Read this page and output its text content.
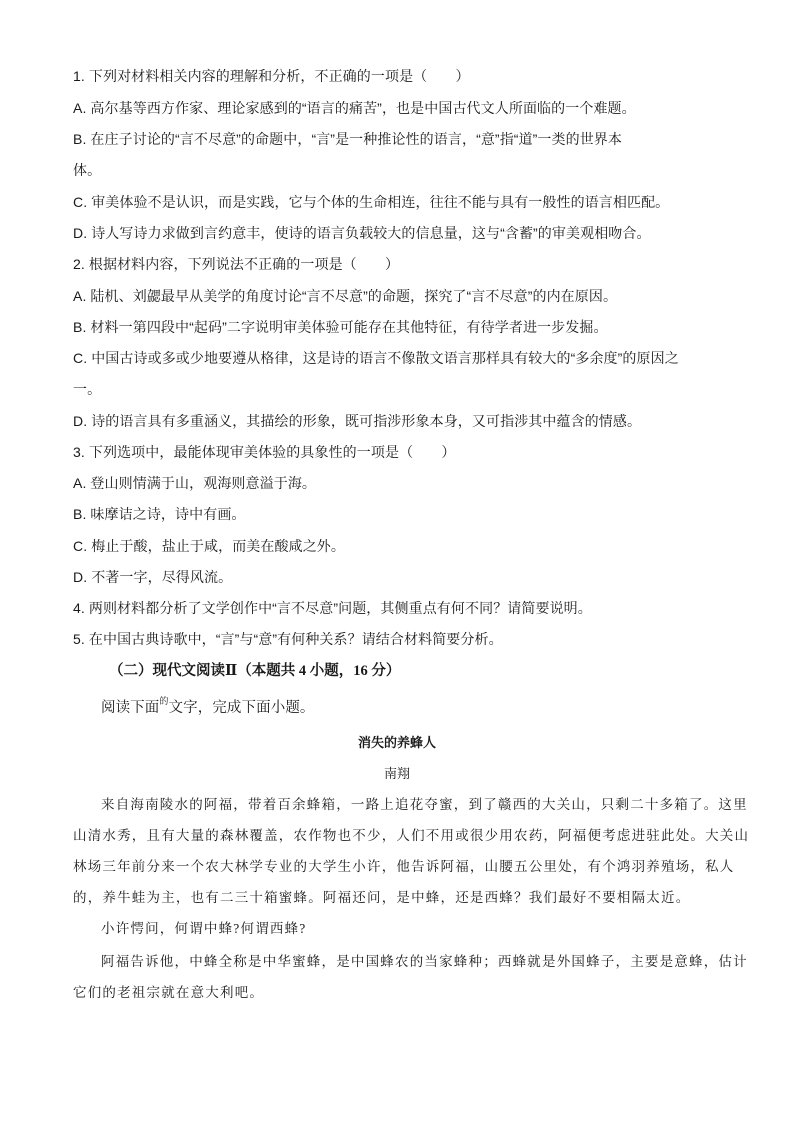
1. 下列对材料相关内容的理解和分析，不正确的一项是（　　）
A. 高尔基等西方作家、理论家感到的“语言的痛苦”，也是中国古代文人所面临的一个难题。
B. 在庄子讨论的“言不尽意”的命题中，“言”是一种推论性的语言，“意”指“道”一类的世界本
体。
C. 审美体验不是认识，而是实践，它与个体的生命相连，往往不能与具有一般性的语言相匹配。
D. 诗人写诗力求做到言约意丰，使诗的语言负载较大的信息量，这与“含蓄”的审美观相吻合。
2. 根据材料内容，下列说法不正确的一项是（　　）
A. 陆机、刘勰最早从美学的角度讨论“言不尽意”的命题，探究了“言不尽意”的内在原因。
B. 材料一第四段中“起码”二字说明审美体验可能存在其他特征，有待学者进一步发掘。
C. 中国古诗或多或少地要遵从格律，这是诗的语言不像散文语言那样具有较大的“多余度”的原因之
一。
D. 诗的语言具有多重涵义，其描绘的形象，既可指涉形象本身，又可指涉其中蕴含的情感。
3. 下列选项中，最能体现审美体验的具象性的一项是（　　）
A. 登山则情满于山，观海则意溢于海。
B. 味摩诘之诗，诗中有画。
C. 梅止于酸，盐止于咸，而美在酸咸之外。
D. 不著一字，尽得风流。
4. 两则材料都分析了文学创作中“言不尽意”问题，其侧重点有何不同？请简要说明。
5. 在中国古典诗歌中，“言”与“意”有何种关系？请结合材料简要分析。
（二）现代文阅读Ⅱ（本题共 4 小题，16 分）
阅读下面$^的$文字，完成下面小题。
消失的养蜂人
南翔
来自海南陵水的阿福，带着百余蜂箱，一路上追花夺蜜，到了赣西的大关山，只剩二十多箱了。这里
山清水秀，且有大量的森林覆盖，农作物也不少，人们不用或很少用农药，阿福便考虑进驻此处。大关山
林场三年前分来一个农大林学专业的大学生小许，他告诉阿福，山腰五公里处，有个鸿羽养殖场，私人
的，养牛蛙为主，也有二三十箱蜜蜂。阿福还问，是中蜂，还是西蜂？我们最好不要相隔太近。
小许愕问，何谓中蜂?何谓西蜂?
阿福告诉他，中蜂全称是中华蜜蜂，是中国蜂农的当家蜂种；西蜂就是外国蜂子，主要是意蜂，估计
它们的老祖宗就在意大利吧。
